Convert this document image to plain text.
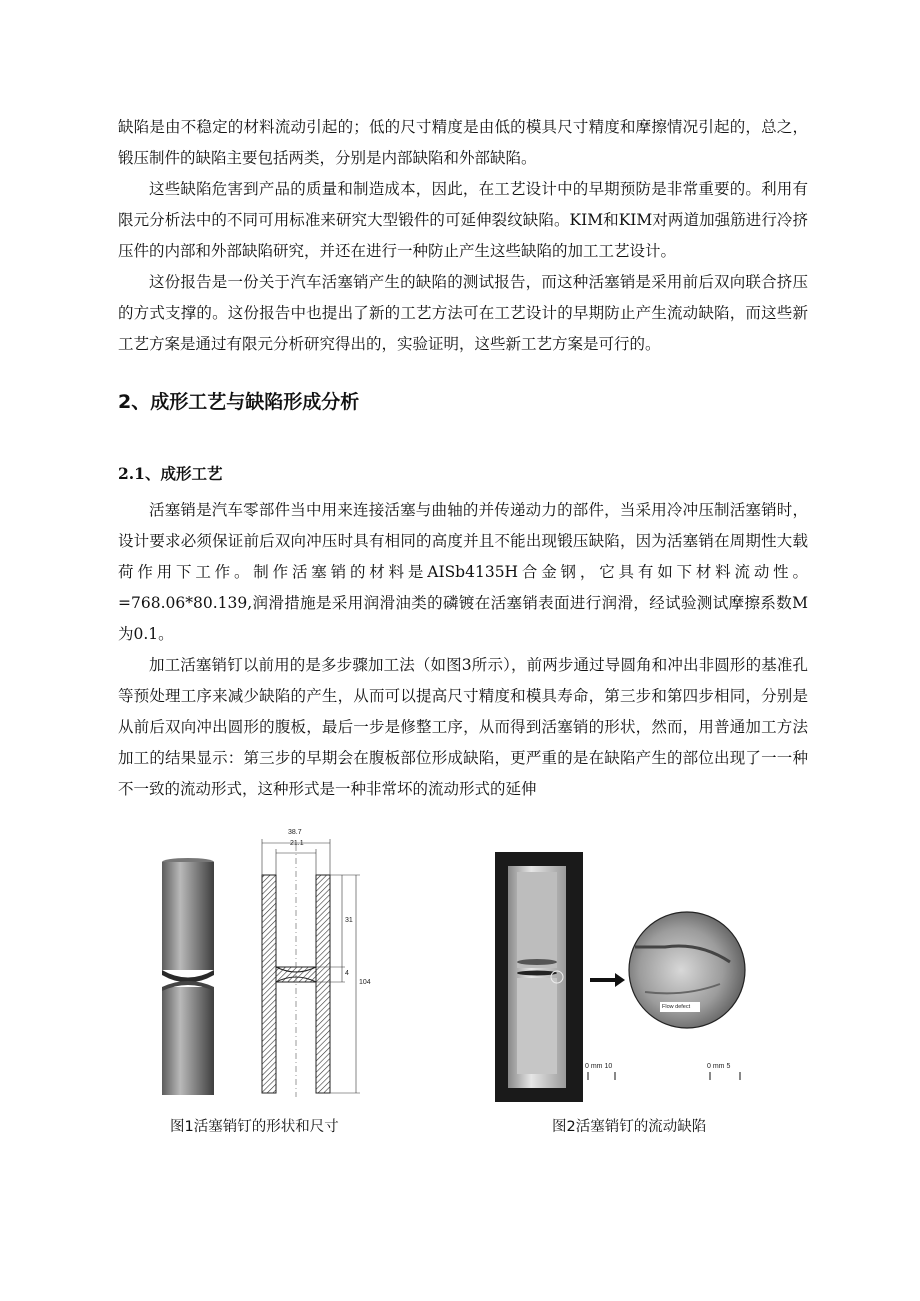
缺陷是由不稳定的材料流动引起的；低的尺寸精度是由低的模具尺寸精度和摩擦情况引起的，总之，锻压制件的缺陷主要包括两类，分别是内部缺陷和外部缺陷。

这些缺陷危害到产品的质量和制造成本，因此，在工艺设计中的早期预防是非常重要的。利用有限元分析法中的不同可用标准来研究大型锻件的可延伸裂纹缺陷。KIM和KIM对两道加强筋进行冷挤压件的内部和外部缺陷研究，并还在进行一种防止产生这些缺陷的加工工艺设计。

这份报告是一份关于汽车活塞销产生的缺陷的测试报告，而这种活塞销是采用前后双向联合挤压的方式支撑的。这份报告中也提出了新的工艺方法可在工艺设计的早期防止产生流动缺陷，而这些新工艺方案是通过有限元分析研究得出的，实验证明，这些新工艺方案是可行的。

2、成形工艺与缺陷形成分析
2.1、成形工艺

活塞销是汽车零部件当中用来连接活塞与曲轴的并传递动力的部件，当采用冷冲压制活塞销时，设计要求必须保证前后双向冲压时具有相同的高度并且不能出现锻压缺陷，因为活塞销在周期性大载荷作用下工作。制作活塞销的材料是AISb4135H合金钢，它具有如下材料流动性。=768.06*80.139,润滑措施是采用润滑油类的磷镀在活塞销表面进行润滑，经试验测试摩擦系数M为0.1。

加工活塞销钉以前用的是多步骤加工法（如图3所示），前两步通过导圆角和冲出非圆形的基准孔等预处理工序来减少缺陷的产生，从而可以提高尺寸精度和模具寿命，第三步和第四步相同，分别是从前后双向冲出圆形的腹板，最后一步是修整工序，从而得到活塞销的形状，然而，用普通加工方法加工的结果显示：第三步的早期会在腹板部位形成缺陷，更严重的是在缺陷产生的部位出现了一一种不一致的流动形式，这种形式是一种非常坏的流动形式的延伸

38.7
21.1
31
4
104
图1活塞销钉的形状和尺寸
Flow defect
0 mm 10	0 mm 5
图2活塞销钉的流动缺陷
